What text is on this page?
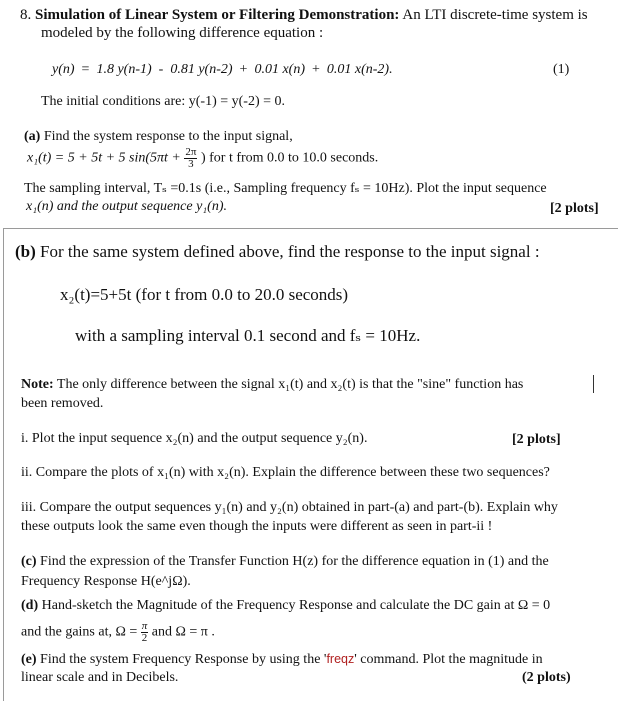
8. Simulation of Linear System or Filtering Demonstration: An LTI discrete-time system is
modeled by the following difference equation :
y(n)  =  1.8 y(n-1)  -  0.81 y(n-2)  +  0.01 x(n)  +  0.01 x(n-2).	(1)
The initial conditions are: y(-1) = y(-2) = 0.
(a) Find the system response to the input signal,
x₁(t) = 5 + 5t + 5 $\sin(5\pi t + \frac{2\pi}{3}$ ) for t from 0.0 to 10.0 seconds.
The sampling interval, Tₛ =0.1s (i.e., Sampling frequency fₛ = 10Hz). Plot the input sequence
x₁(n) and the output sequence y₁(n).	[2 plots]
(b) For the same system defined above, find the response to the input signal :
x₂(t)=5+5t (for t from 0.0 to 20.0 seconds)
with a sampling interval 0.1 second and fₛ = 10Hz.
Note: The only difference between the signal x₁(t) and x₂(t) is that the "sine" function has
been removed.
i. Plot the input sequence x₂(n) and the output sequence y₂(n).	[2 plots]
ii. Compare the plots of x₁(n) with x₂(n). Explain the difference between these two sequences?
iii. Compare the output sequences y₁(n) and y₂(n) obtained in part-(a) and part-(b). Explain why
these outputs look the same even though the inputs were different as seen in part-ii !
(c) Find the expression of the Transfer Function H(z) for the difference equation in (1) and the
Frequency Response H(e^jΩ).
(d) Hand-sketch the Magnitude of the Frequency Response and calculate the DC gain at Ω = 0
and the gains at, $\Omega = \frac{\pi}{2}$ and Ω = π .
(e) Find the system Frequency Response by using the 'freqz' command. Plot the magnitude in
linear scale and in Decibels.	(2 plots)
